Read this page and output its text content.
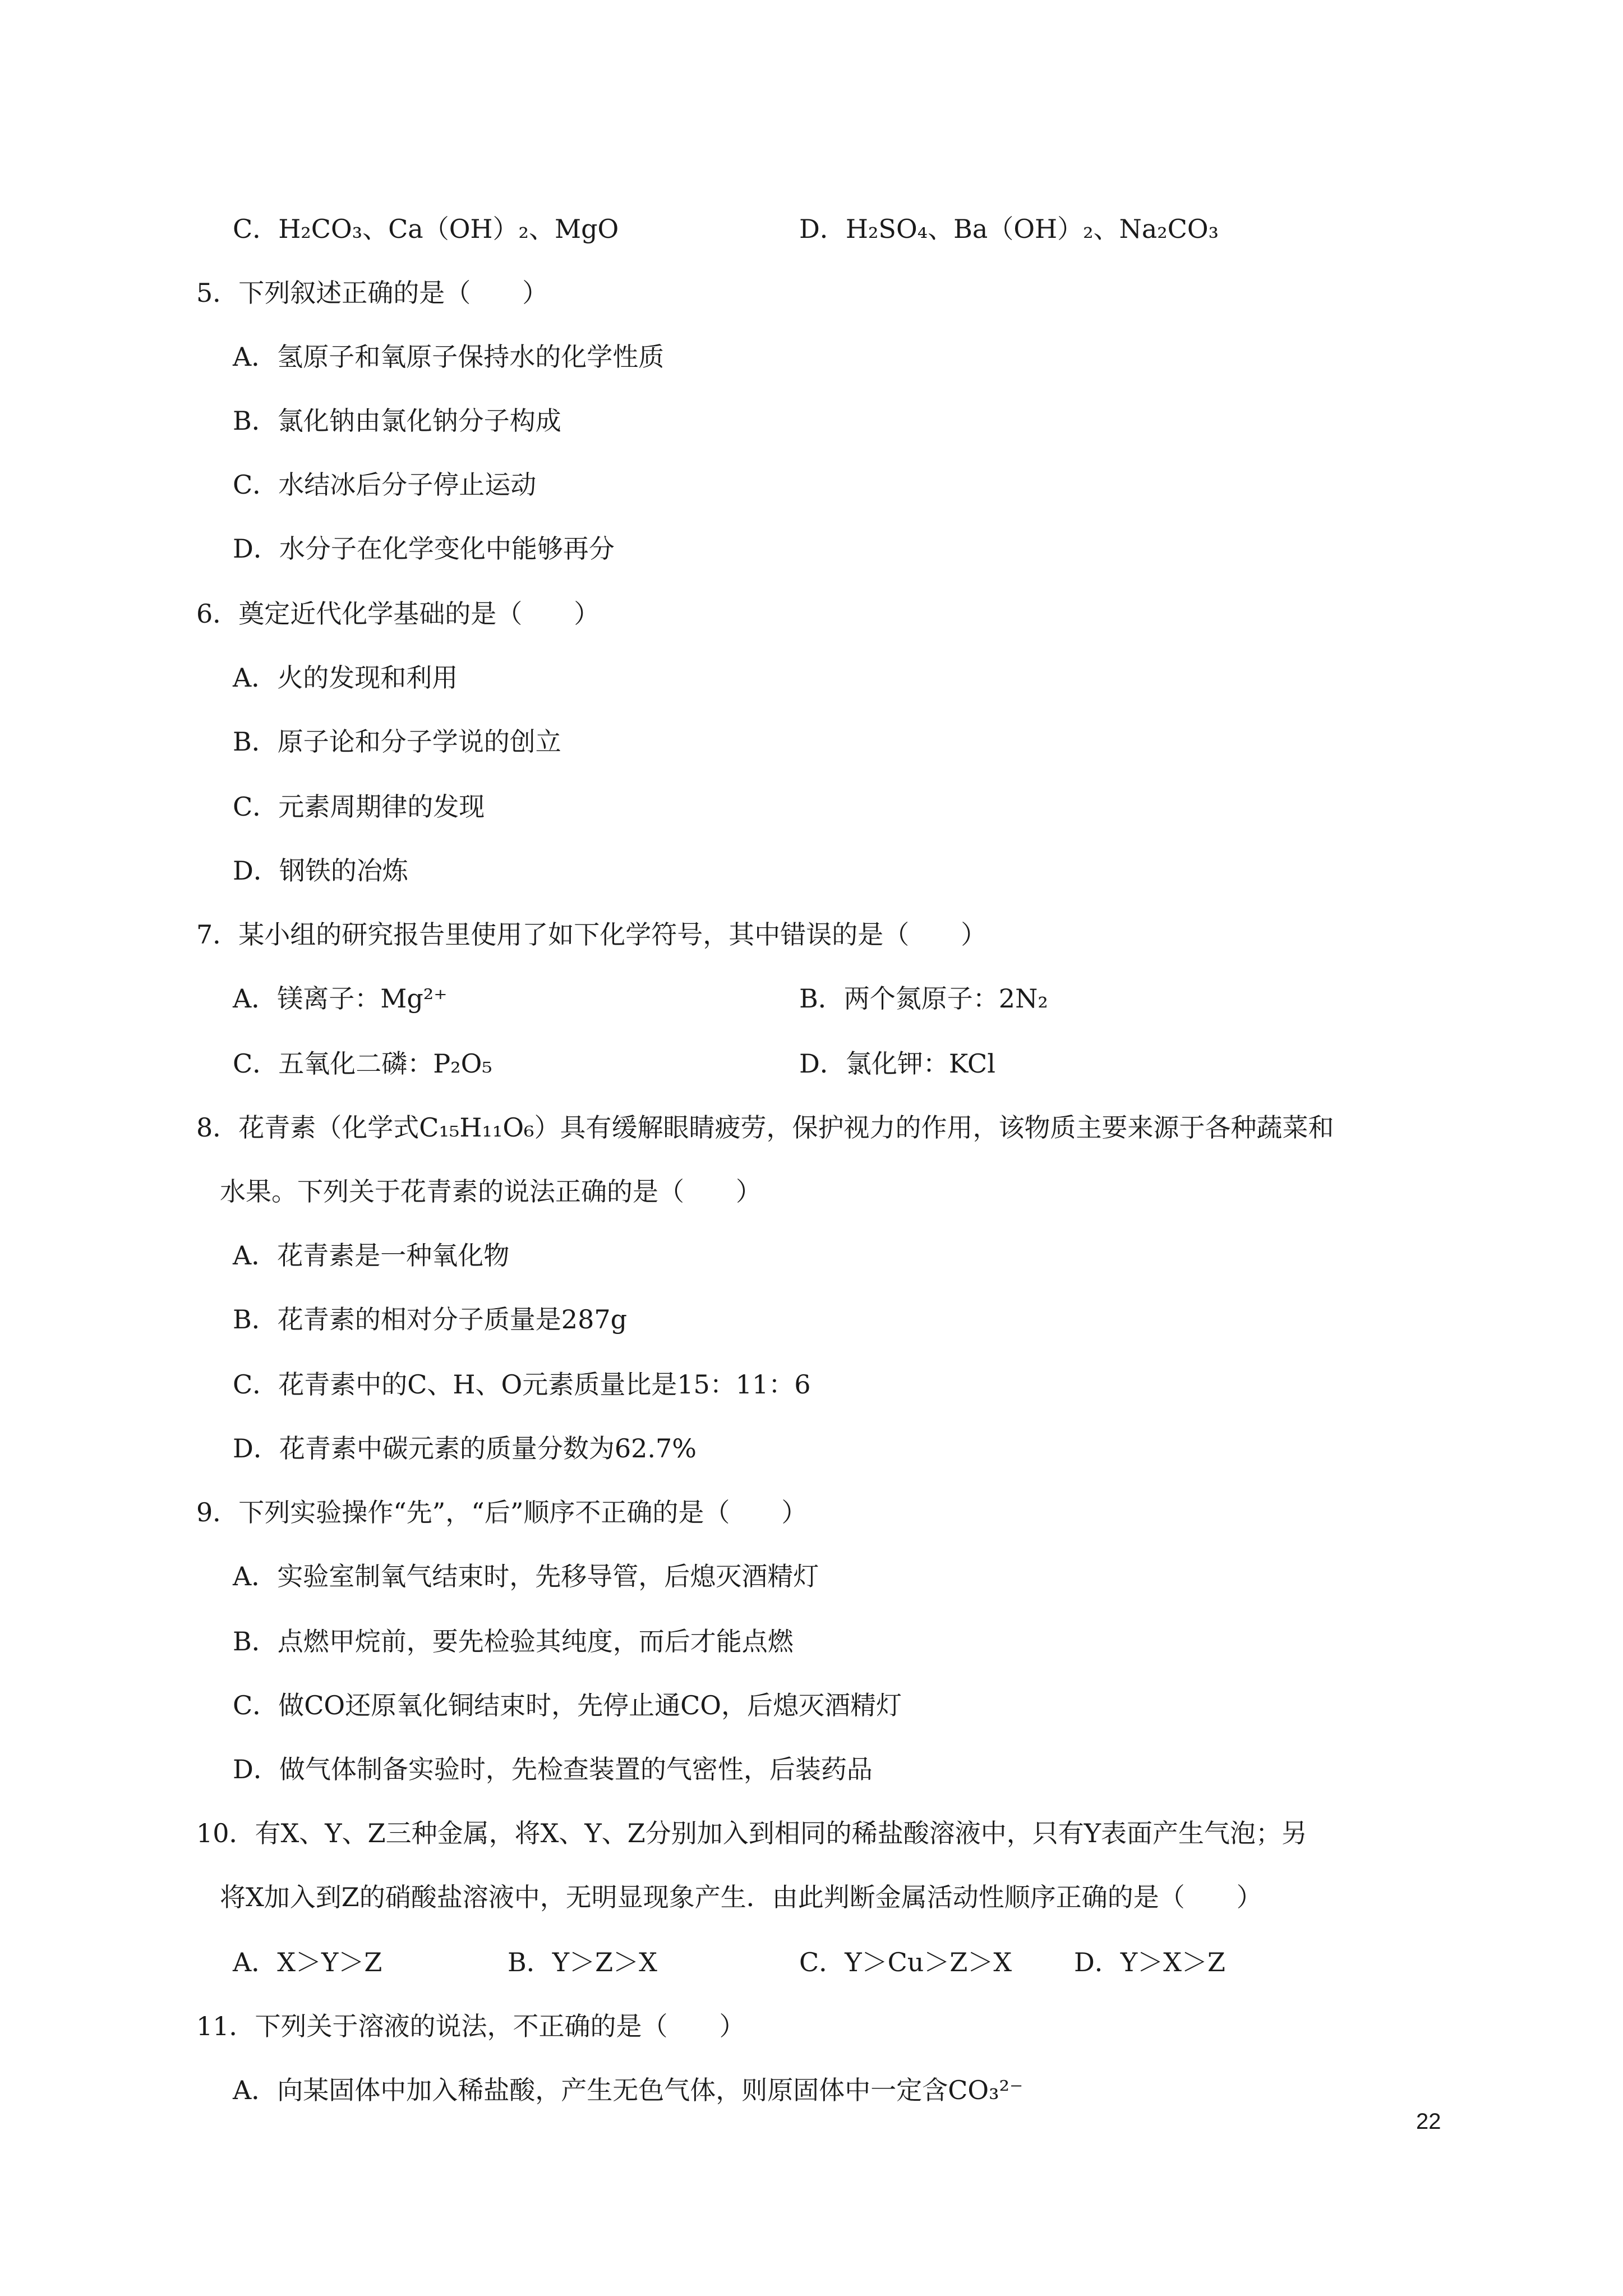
C．H₂CO₃、Ca（OH）₂、MgO	D．H₂SO₄、Ba（OH）₂、Na₂CO₃
5．下列叙述正确的是（　　）
A．氢原子和氧原子保持水的化学性质
B．氯化钠由氯化钠分子构成
C．水结冰后分子停止运动
D．水分子在化学变化中能够再分
6．奠定近代化学基础的是（　　）
A．火的发现和利用
B．原子论和分子学说的创立
C．元素周期律的发现
D．钢铁的冶炼
7．某小组的研究报告里使用了如下化学符号，其中错误的是（　　）
A．镁离子：Mg²⁺	B．两个氮原子：2N₂
C．五氧化二磷：P₂O₅	D．氯化钾：KCl
8．花青素（化学式C₁₅H₁₁O₆）具有缓解眼睛疲劳，保护视力的作用，该物质主要来源于各种蔬菜和
水果。下列关于花青素的说法正确的是（　　）
A．花青素是一种氧化物
B．花青素的相对分子质量是287g
C．花青素中的C、H、O元素质量比是15：11：6
D．花青素中碳元素的质量分数为62.7%
9．下列实验操作“先”，“后”顺序不正确的是（　　）
A．实验室制氧气结束时，先移导管，后熄灭酒精灯
B．点燃甲烷前，要先检验其纯度，而后才能点燃
C．做CO还原氧化铜结束时，先停止通CO，后熄灭酒精灯
D．做气体制备实验时，先检查装置的气密性，后装药品
10．有X、Y、Z三种金属，将X、Y、Z分别加入到相同的稀盐酸溶液中，只有Y表面产生气泡；另
将X加入到Z的硝酸盐溶液中，无明显现象产生．由此判断金属活动性顺序正确的是（　　）
A．X＞Y＞Z	B．Y＞Z＞X	C．Y＞Cu＞Z＞X D．Y＞X＞Z
11．下列关于溶液的说法，不正确的是（　　）
A．向某固体中加入稀盐酸，产生无色气体，则原固体中一定含CO₃²⁻
22
